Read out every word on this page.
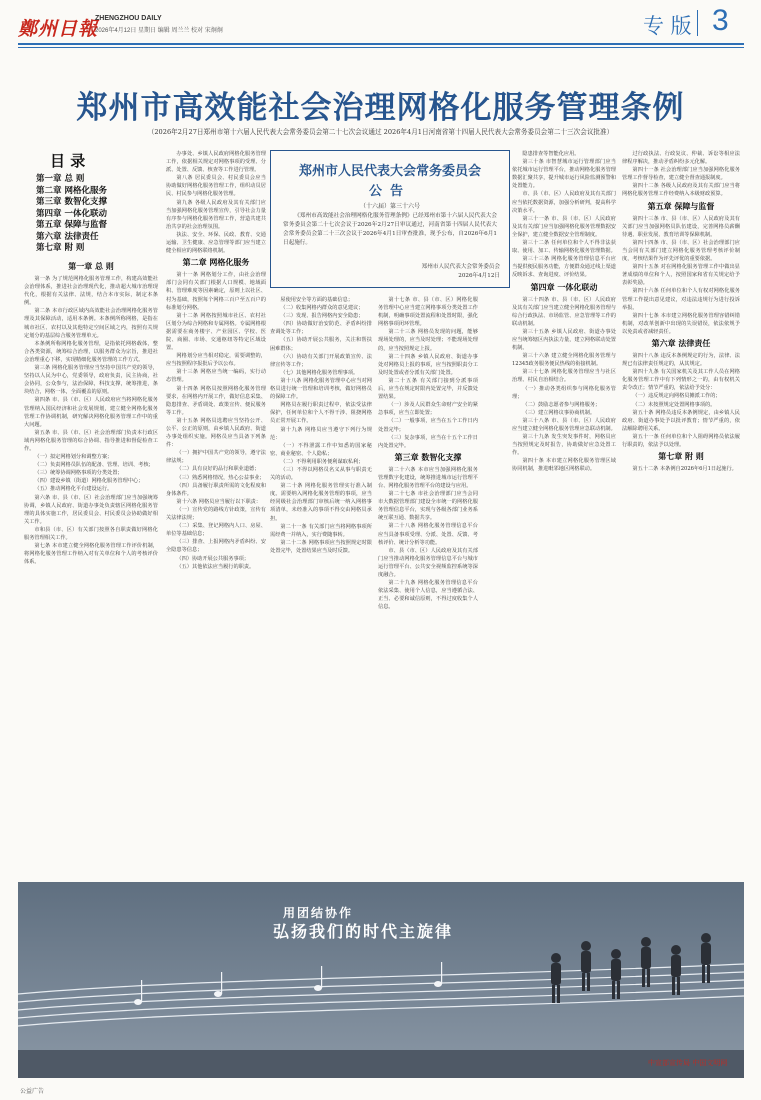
鄭州日報
ZHENGZHOU DAILY
2026年4月12日 星期日 编辑 周兰兰 校对 宋炯炯	专 版 3
郑州市高效能社会治理网格化服务管理条例
（2026年2月27日郑州市第十六届人民代表大会常务委员会第二十七次会议通过 2026年4月1日河南省第十四届人民代表大会常务委员会第二十三次会议批准）
目 录
第一章 总 则
第二章 网格化服务
第三章 数智化支撑
第四章 一体化联动
第五章 保障与监督
第六章 法律责任
第七章 附 则
第一章 总 则

第一条 为了规范网格化服务管理工作，构建高效能社会治理体系，推进社会治理现代化，推动超大城市治理现代化，根据有关法律、法规，结合本市实际，制定本条例。

第二条 本市行政区域内高效能社会治理网格化服务管理及其保障活动，适用本条例。本条例所称网格，是指在城市社区、农村以及其他特定空间区域之内，按照有关规定划分的基层综合服务管理单元。

本条例所称网格化服务管理，是指依托网格载体，整合各类资源，统筹综合治理，以服务群众为宗旨，推进社会治理重心下移，实现精细化服务管理的工作方式。

第三条 网格化服务管理应当坚持中国共产党的领导，坚持以人民为中心，党委领导，政府负责，民主协商，社会协同，公众参与，法治保障，科技支撑，统筹推进，条块结合，网格一体，全面覆盖的原则。

第四条 市、县（市、区）人民政府应当将网格化服务管理纳入国民经济和社会发展规划，建立健全网格化服务管理工作协调机制，研究解决网格化服务管理工作中的重大问题。

第五条 市、县（市、区）社会治理部门负责本行政区域内网格化服务管理的综合协调、指导推进和督促检查工作。

（一）拟定网格划分和调整方案；

（二）负责网格员队伍的配备、管理、培训、考核；

（三）统筹协调网格事项的分类处置；

（四）建设乡镇（街道）网格化服务管理中心；

（五）推动网格化平台建设运行。

第六条 市、县（市、区）社会治理部门应当加强统筹协调，乡镇人民政府、街道办事处负责辖区网格化服务管理的具体实施工作，居民委员会、村民委员会协助做好相关工作。

市和县（市、区）有关部门按照各自职责做好网格化服务管理相关工作。

第七条 本市建立健全网格化服务管理工作评价机制，将网格化服务管理工作纳入对有关单位和个人的考核评价体系。

办事处、乡镇人民政府网格化服务管理工作，依据相关规定对网格事项的受理、分派、处置、反馈、核查等工作进行管理。

第八条 居民委员会、村民委员会应当协助做好网格化服务管理工作，组织动员居民、村民参与网格化服务管理。

第九条 各级人民政府及其有关部门应当加强网格化服务管理宣传，引导社会力量有序参与网格化服务管理工作，营造共建共治共享的社会治理氛围。

执法、安全、环保、民政、教育、交通运输、卫生健康、应急管理等部门应当建立健全相应的网格联络机制。

第二章 网格化服务

第十一条 网格划分工作，由社会治理部门会同有关部门根据人口规模、地域面积、管理难度等因素确定，原则上以社区、村为基础，按照每个网格三百户至五百户的标准划分网格。

第十二条 网格按照城市社区、农村社区划分为综合网格和专属网格。专属网格根据需要在商务楼宇、产业园区、学校、医院、商圈、市场、交通枢纽等特定区域设置。

网格划分应当相对稳定，需要调整的，应当按照程序报批后予以公布。

第十三条 网格应当统一编码，实行动态管理。

第十四条 网格员按照网格化服务管理要求，在网格内开展工作，做好信息采集、隐患排查、矛盾调处、政策宣传、便民服务等工作。

第十五条 网格员选聘应当坚持公开、公平、公正的原则，由乡镇人民政府、街道办事处组织实施。网格员应当具备下列条件：

（一）拥护中国共产党的领导，遵守法律法规；

（二）具有良好的品行和职业道德；

（三）熟悉网格情况，热心公益事业；

（四）具备履行职责所需的文化程度和身体条件。

第十六条 网格员应当履行以下职责：

（一）宣传党的路线方针政策，宣传有关法律法规；

（二）采集、登记网格内人口、房屋、单位等基础信息；

（三）排查、上报网格内矛盾纠纷、安全隐患等信息；

（四）协助开展公共服务事项；

（五）其他依法应当履行的职责。

郑州市人民代表大会常务委员会
公告
（十六届）第三十六号
《郑州市高效能社会治理网格化服务管理条例》已经郑州市第十六届人民代表大会常务委员会第二十七次会议于2026年2月27日审议通过，河南省第十四届人民代表大会常务委员会第二十三次会议于2026年4月1日审查批准，现予公布，自2026年6月1日起施行。
郑州市人民代表大会常务委员会
2026年4月12日

屋使用安全等方面的基础信息；

（二）收集网格内群众的意见建议；

（三）发现、报告网格内安全隐患；

（四）协助做好治安防范、矛盾纠纷排查调处等工作；

（五）协助开展公共服务，关注和帮扶困难群体；

（六）协助有关部门开展政策宣传、法律宣传等工作；

（七）其他网格化服务管理事项。

第十八条 网格化服务管理中心应当对网格员进行统一管理和培训考核，做好网格员的保障工作。

网格员在履行职责过程中，依法受法律保护，任何单位和个人不得干涉、阻挠网格员正常开展工作。

第十九条 网格员应当遵守下列行为规范：

（一）不得泄露工作中知悉的国家秘密、商业秘密、个人隐私；

（二）不得利用职务便利谋取私利；

（三）不得以网格员名义从事与职责无关的活动。

第二十条 网格化服务管理实行准入制度。需要纳入网格化服务管理的事项，应当经同级社会治理部门审核后统一纳入网格事项清单，未经准入的事项不得交由网格员承担。

第二十一条 有关部门应当将网格事项所需经费一并纳入，实行费随事转。

第二十二条 网格事项应当按照规定时限处置完毕，处置结果应当及时反馈。

第十七条 市、县（市、区）网格化服务管理中心应当建立网格事项分类处置工作机制，明确事项处置流程和处置时限，强化网格事项闭环管理。

第二十三条 网格员发现的问题，能够现场处理的，应当及时处理；不能现场处理的，应当按照规定上报。

第二十四条 乡镇人民政府、街道办事处对网格员上报的事项，应当按照职责分工及时处置或者分派有关部门处置。

第二十五条 有关部门接到分派事项后，应当在规定时限内处置完毕，并反馈处置结果。

（一）涉及人民群众生命财产安全的紧急事项，应当立即处置；

（二）一般事项，应当在五个工作日内处置完毕；

（三）复杂事项，应当在十五个工作日内处置完毕。

第三章 数智化支撑

第二十六条 本市应当加强网格化服务管理数字化建设，统筹推进城市运行管理平台、网格化服务管理平台的建设与应用。

第二十七条 市社会治理部门应当会同市大数据管理部门建设全市统一的网格化服务管理信息平台，实现与各级各部门业务系统互联互通、数据共享。

第二十八条 网格化服务管理信息平台应当具备事项受理、分派、处置、反馈、考核评价、统计分析等功能。

市、县（市、区）人民政府及其有关部门应当推动网格化服务管理信息平台与城市运行管理平台、公共安全视频监控系统等深度融合。

第二十九条 网格化服务管理信息平台依法采集、使用个人信息，应当遵循合法、正当、必要和诚信原则，不得过度收集个人信息。

隐患排查等智能化应用。

第三十条 市智慧城市运行管理部门应当依托城市运行管理平台，推动网格化服务管理数据汇聚共享，提升城市运行风险监测预警和处置能力。

市、县（市、区）人民政府及其有关部门应当依托数据资源，加强分析研判，提高科学决策水平。

第三十一条 市、县（市、区）人民政府及其有关部门应当加强网格化服务管理数据安全保护，建立健全数据安全管理制度。

第三十二条 任何单位和个人不得非法获取、使用、加工、传输网格化服务管理数据。

第三十三条 网格化服务管理信息平台应当提供便民服务功能，方便群众通过线上渠道反映诉求、查询进度、评价结果。

第四章 一体化联动

第三十四条 市、县（市、区）人民政府及其有关部门应当建立健全网格化服务管理与综合行政执法、市场监管、应急管理等工作的联动机制。

第三十五条 乡镇人民政府、街道办事处应当统筹辖区内执法力量，建立网格联动处置机制。

第三十六条 建立健全网格化服务管理与12345政务服务便民热线的衔接机制。

第三十七条 网格化服务管理应当与社区治理、村民自治相结合。

（一）推动各类组织参与网格化服务管理；

（二）鼓励志愿者参与网格服务；

（三）建立网格议事协商机制。

第三十八条 市、县（市、区）人民政府应当建立健全网格化服务管理应急联动机制。

第三十九条 发生突发事件时，网格员应当按照规定及时报告，协助做好应急处置工作。

第四十条 本市建立网格化服务管理区域协同机制，推进毗邻地区网格联动。

过行政执法、行政复议、仲裁、诉讼等相应法律程序解决，推动矛盾纠纷多元化解。

第四十一条 社会治理部门应当加强网格化服务管理工作督导检查，建立健全督查通报制度。

第四十二条 各级人民政府及其有关部门应当将网格化服务管理工作经费纳入本级财政预算。

第五章 保障与监督

第四十三条 市、县（市、区）人民政府及其有关部门应当加强网格员队伍建设，完善网格员薪酬待遇、职业发展、教育培训等保障机制。

第四十四条 市、县（市、区）社会治理部门应当会同有关部门建立网格化服务管理考核评价制度，考核结果作为评先评优的重要依据。

第四十五条 对在网格化服务管理工作中做出显著成绩的单位和个人，按照国家和省有关规定给予表彰奖励。

第四十六条 任何单位和个人有权对网格化服务管理工作提出意见建议，对违法违规行为进行投诉举报。

第四十七条 本市建立网格化服务管理容错纠错机制，对改革创新中出现的失误错误，依法依规予以免责或者减轻责任。

第六章 法律责任

第四十八条 违反本条例规定的行为，法律、法规已有法律责任规定的，从其规定。

第四十九条 有关国家机关及其工作人员在网格化服务管理工作中有下列情形之一的，由有权机关责令改正；情节严重的，依法给予处分：

（一）违反规定向网格员摊派工作的；

（二）未按照规定处置网格事项的。

第五十条 网格员违反本条例规定，由乡镇人民政府、街道办事处予以批评教育；情节严重的，依法解除聘用关系。

第五十一条 任何单位和个人阻碍网格员依法履行职责的，依法予以处理。

第七章 附 则

第五十二条 本条例自2026年6月1日起施行。

用团结协作
弘扬我们的时代主旋律
中宣部宣传局 中国文明网
公益广告
